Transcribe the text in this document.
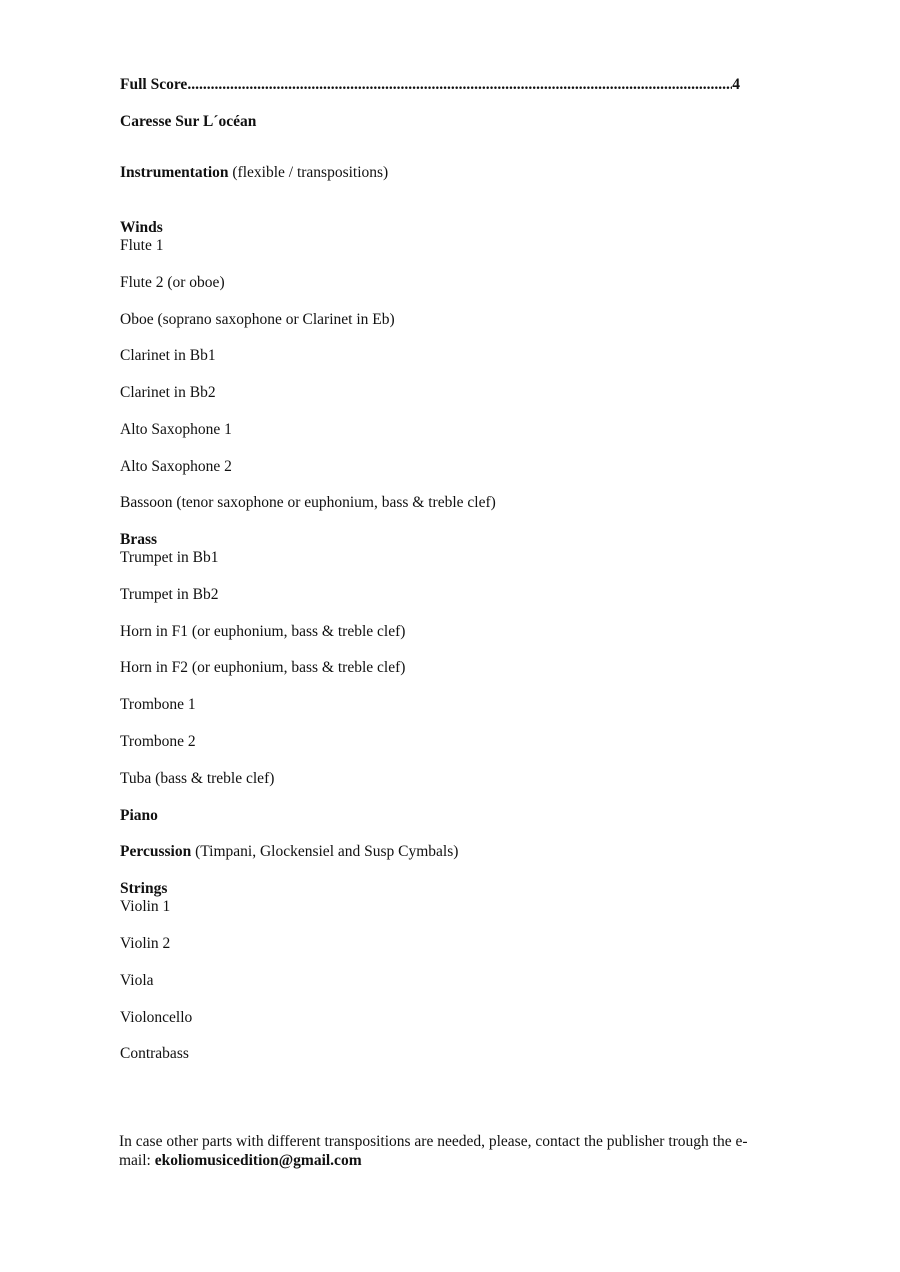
Full Score
.....	4
Caresse Sur L´océan
Instrumentation (flexible / transpositions)
Winds
Flute 1
Flute 2 (or oboe)
Oboe (soprano saxophone or Clarinet in Eb)
Clarinet in Bb1
Clarinet in Bb2
Alto Saxophone 1
Alto Saxophone 2
Bassoon (tenor saxophone or euphonium, bass & treble clef)
Brass
Trumpet in Bb1
Trumpet in Bb2
Horn in F1 (or euphonium, bass & treble clef)
Horn in F2 (or euphonium, bass & treble clef)
Trombone 1
Trombone 2
Tuba (bass & treble clef)
Piano
Percussion (Timpani, Glockensiel and Susp Cymbals)
Strings
Violin 1
Violin 2
Viola
Violoncello
Contrabass
In case other parts with different transpositions are needed, please, contact the publisher trough the e-mail: ekoliomusicedition@gmail.com
